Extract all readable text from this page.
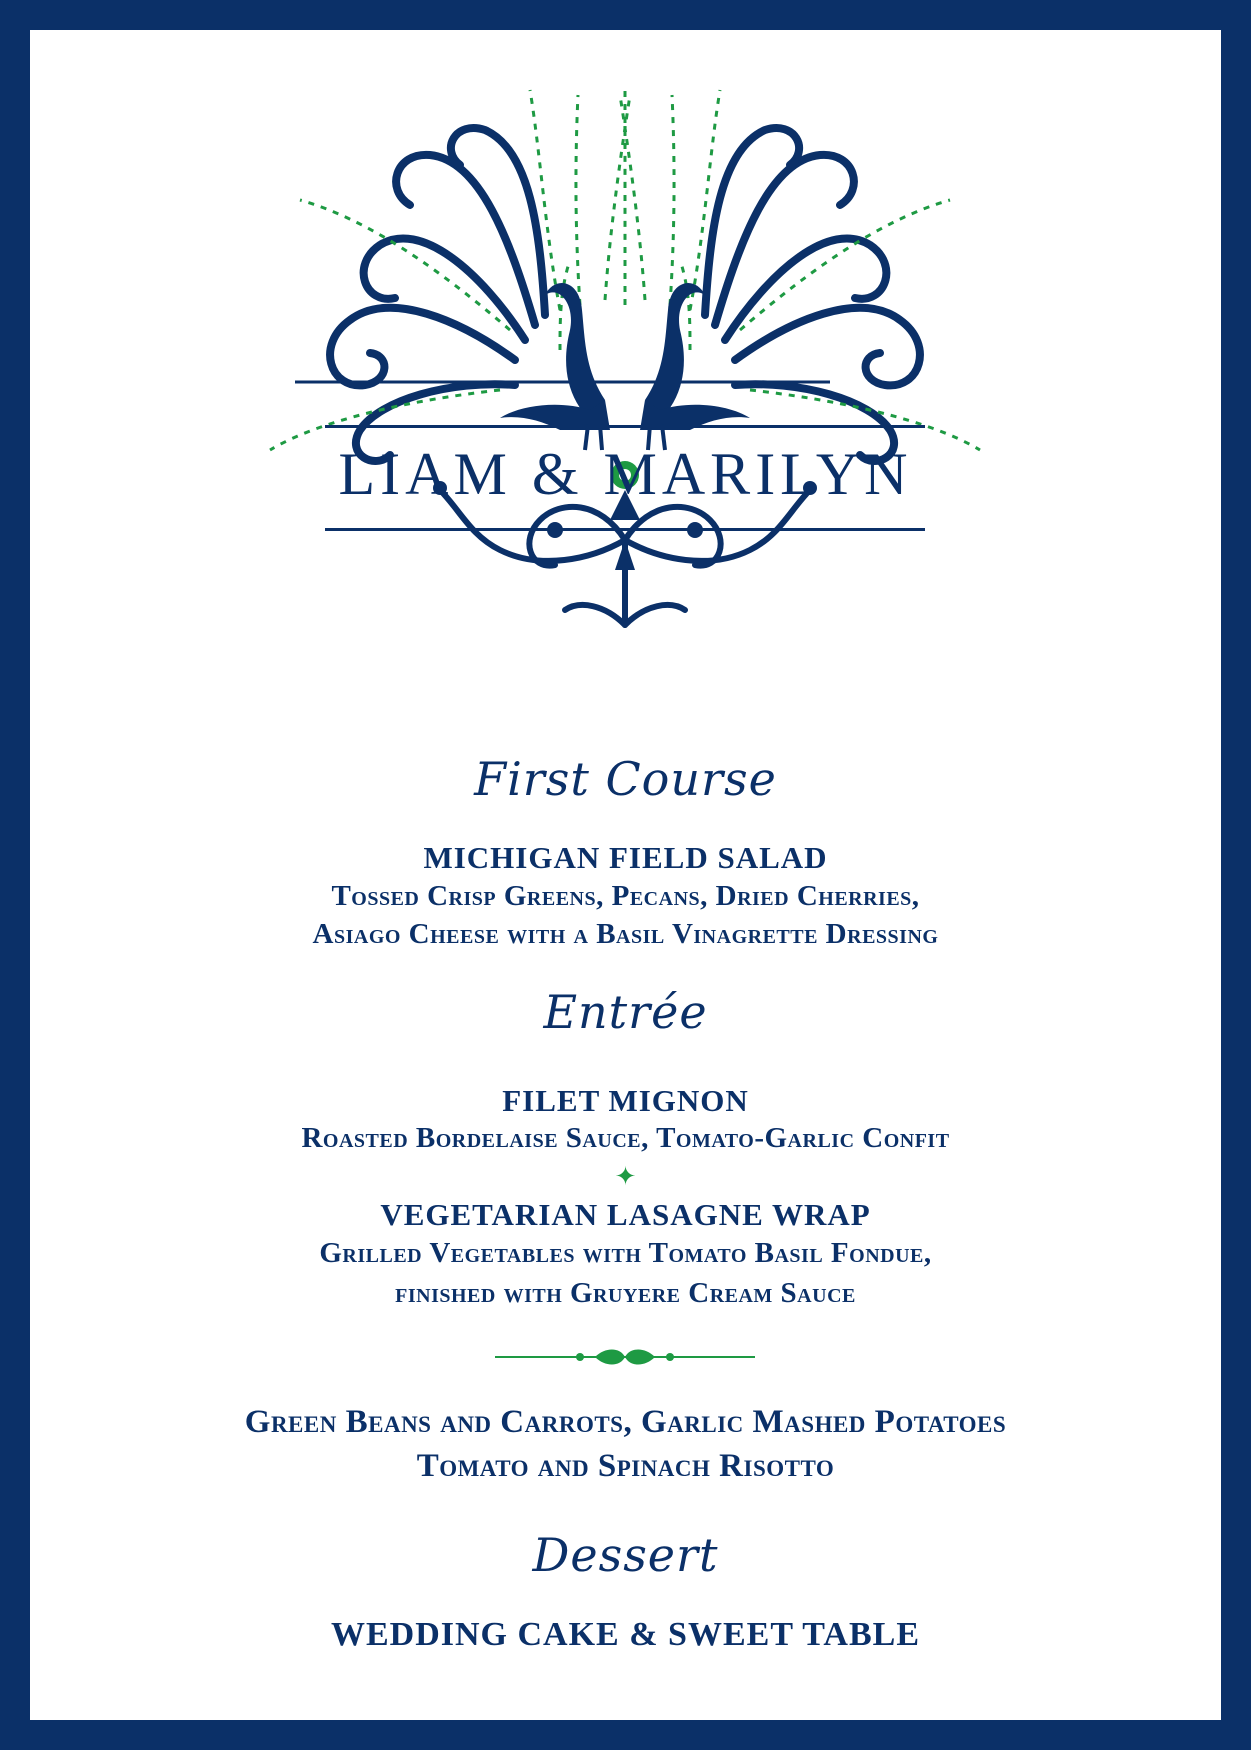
LIAM & MARILYN
First Course
MICHIGAN FIELD SALAD
Tossed Crisp Greens, Pecans, Dried Cherries,
Asiago Cheese with a Basil Vinagrette Dressing
Entrée
FILET MIGNON
Roasted Bordelaise Sauce, Tomato-Garlic Confit
✦
VEGETARIAN LASAGNE WRAP
Grilled Vegetables with Tomato Basil Fondue,
finished with Gruyere Cream Sauce
Green Beans and Carrots, Garlic Mashed Potatoes
Tomato and Spinach Risotto
Dessert
WEDDING CAKE & SWEET TABLE
